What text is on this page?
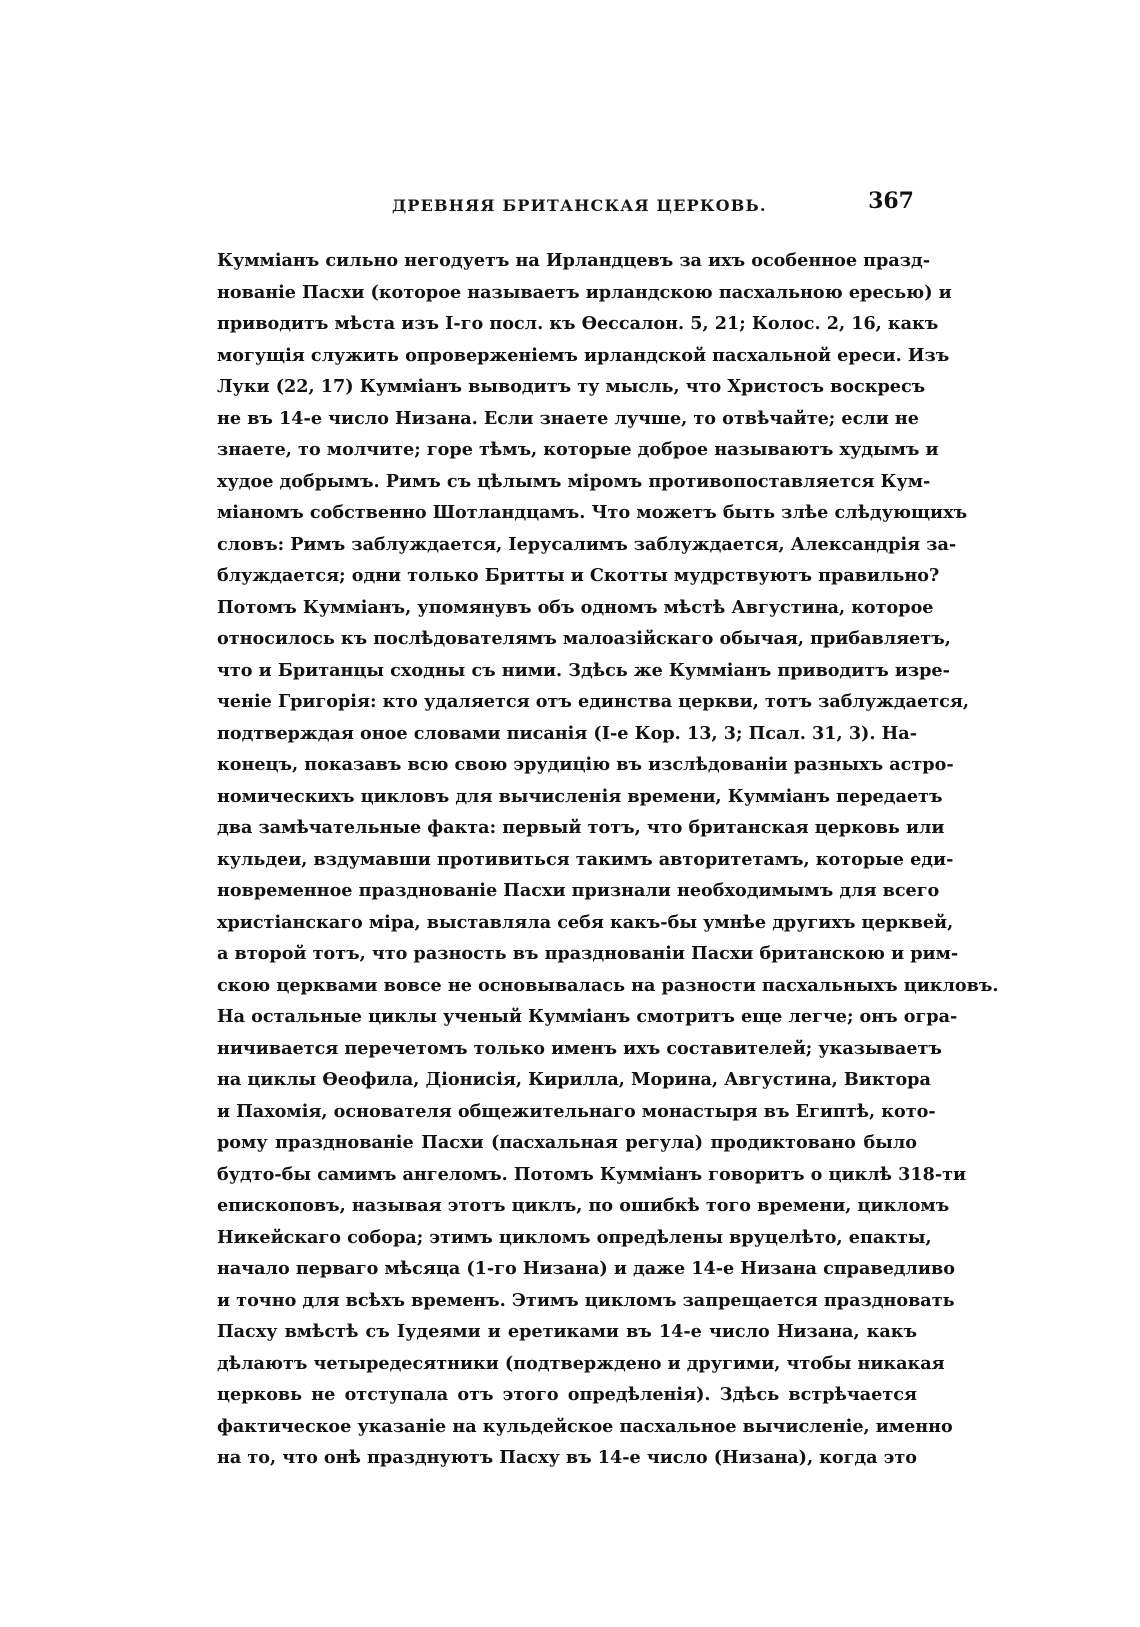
ДРЕВНЯЯ БРИТАНСКАЯ ЦЕРКОВЬ.	367
Кумміанъ сильно негодуетъ на Ирландцевъ за ихъ особенное празд-
нованіе Пасхи (которое называетъ ирландскою пасхальною ересью) и
приводитъ мѣста изъ I-го посл. къ Ѳессалон. 5, 21; Колос. 2, 16, какъ
могущія служить опроверженіемъ ирландской пасхальной ереси. Изъ
Луки (22, 17) Кумміанъ выводитъ ту мысль, что Христосъ воскресъ
не въ 14-е число Низана. Если знаете лучше, то отвѣчайте; если не
знаете, то молчите; горе тѣмъ, которые доброе называютъ худымъ и
худое добрымъ. Римъ съ цѣлымъ міромъ противопоставляется Кум-
міаномъ собственно Шотландцамъ. Что можетъ быть злѣе слѣдующихъ
словъ: Римъ заблуждается, Іерусалимъ заблуждается, Александрія за-
блуждается; одни только Бритты и Скотты мудрствуютъ правильно?
Потомъ Кумміанъ, упомянувъ объ одномъ мѣстѣ Августина, которое
относилось къ послѣдователямъ малоазійскаго обычая, прибавляетъ,
что и Британцы сходны съ ними. Здѣсь же Кумміанъ приводитъ изре-
ченіе Григорія: кто удаляется отъ единства церкви, тотъ заблуждается,
подтверждая оное словами писанія (I-е Кор. 13, 3; Псал. 31, 3). На-
конецъ, показавъ всю свою эрудицію въ изслѣдованіи разныхъ астро-
номическихъ цикловъ для вычисленія времени, Кумміанъ передаетъ
два замѣчательные факта: первый тотъ, что британская церковь или
кульдеи, вздумавши противиться такимъ авторитетамъ, которые еди-
новременное празднованіе Пасхи признали необходимымъ для всего
христіанскаго міра, выставляла себя какъ-бы умнѣе другихъ церквей,
а второй тотъ, что разность въ празднованіи Пасхи британскою и рим-
скою церквами вовсе не основывалась на разности пасхальныхъ цикловъ.
На остальные циклы ученый Кумміанъ смотритъ еще легче; онъ огра-
ничивается перечетомъ только именъ ихъ составителей; указываетъ
на циклы Ѳеофила, Діонисія, Кирилла, Морина, Августина, Виктора
и Пахомія, основателя общежительнаго монастыря въ Египтѣ, кото-
рому празднованіе Пасхи (пасхальная регула) продиктовано было
будто-бы самимъ ангеломъ. Потомъ Кумміанъ говоритъ о циклѣ 318-ти
епископовъ, называя этотъ циклъ, по ошибкѣ того времени, цикломъ
Никейскаго собора; этимъ цикломъ опредѣлены вруцелѣто, епакты,
начало перваго мѣсяца (1-го Низана) и даже 14-е Низана справедливо
и точно для всѣхъ временъ. Этимъ цикломъ запрещается праздновать
Пасху вмѣстѣ съ Іудеями и еретиками въ 14-е число Низана, какъ
дѣлаютъ четыредесятники (подтверждено и другими, чтобы никакая
церковь не отступала отъ этого опредѣленія). Здѣсь встрѣчается
фактическое указаніе на кульдейское пасхальное вычисленіе, именно
на то, что онѣ празднуютъ Пасху въ 14-е число (Низана), когда это
